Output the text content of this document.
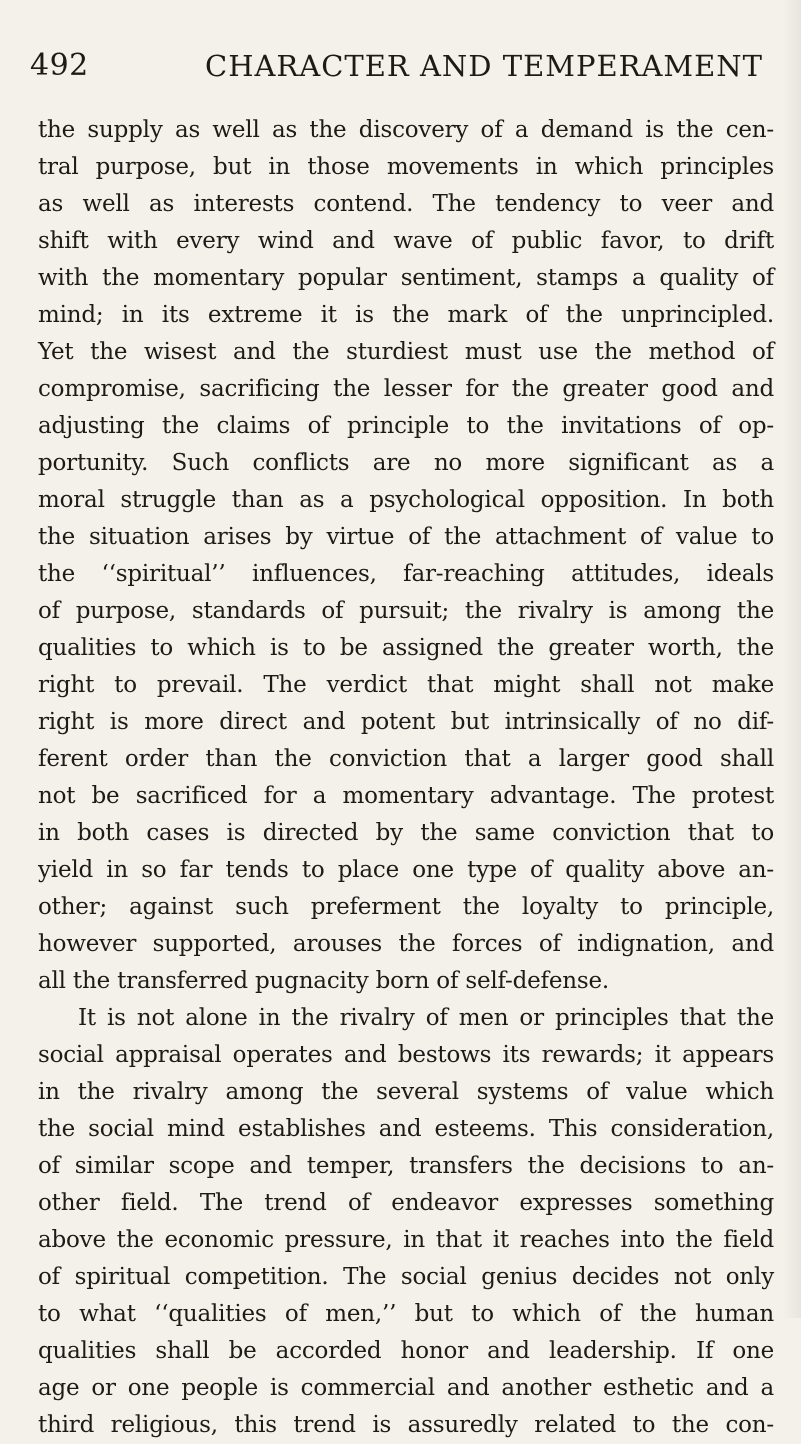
492	CHARACTER AND TEMPERAMENT
the supply as well as the discovery of a demand is the cen-
tral purpose, but in those movements in which principles
as well as interests contend. The tendency to veer and
shift with every wind and wave of public favor, to drift
with the momentary popular sentiment, stamps a quality of
mind; in its extreme it is the mark of the unprincipled.
Yet the wisest and the sturdiest must use the method of
compromise, sacrificing the lesser for the greater good and
adjusting the claims of principle to the invitations of op-
portunity. Such conflicts are no more significant as a
moral struggle than as a psychological opposition. In both
the situation arises by virtue of the attachment of value to
the ‘‘spiritual’’ influences, far-reaching attitudes, ideals
of purpose, standards of pursuit; the rivalry is among the
qualities to which is to be assigned the greater worth, the
right to prevail. The verdict that might shall not make
right is more direct and potent but intrinsically of no dif-
ferent order than the conviction that a larger good shall
not be sacrificed for a momentary advantage. The protest
in both cases is directed by the same conviction that to
yield in so far tends to place one type of quality above an-
other; against such preferment the loyalty to principle,
however supported, arouses the forces of indignation, and
all the transferred pugnacity born of self-defense.
It is not alone in the rivalry of men or principles that the
social appraisal operates and bestows its rewards; it appears
in the rivalry among the several systems of value which
the social mind establishes and esteems. This consideration,
of similar scope and temper, transfers the decisions to an-
other field. The trend of endeavor expresses something
above the economic pressure, in that it reaches into the field
of spiritual competition. The social genius decides not only
to what ‘‘qualities of men,’’ but to which of the human
qualities shall be accorded honor and leadership. If one
age or one people is commercial and another esthetic and a
third religious, this trend is assuredly related to the con-
